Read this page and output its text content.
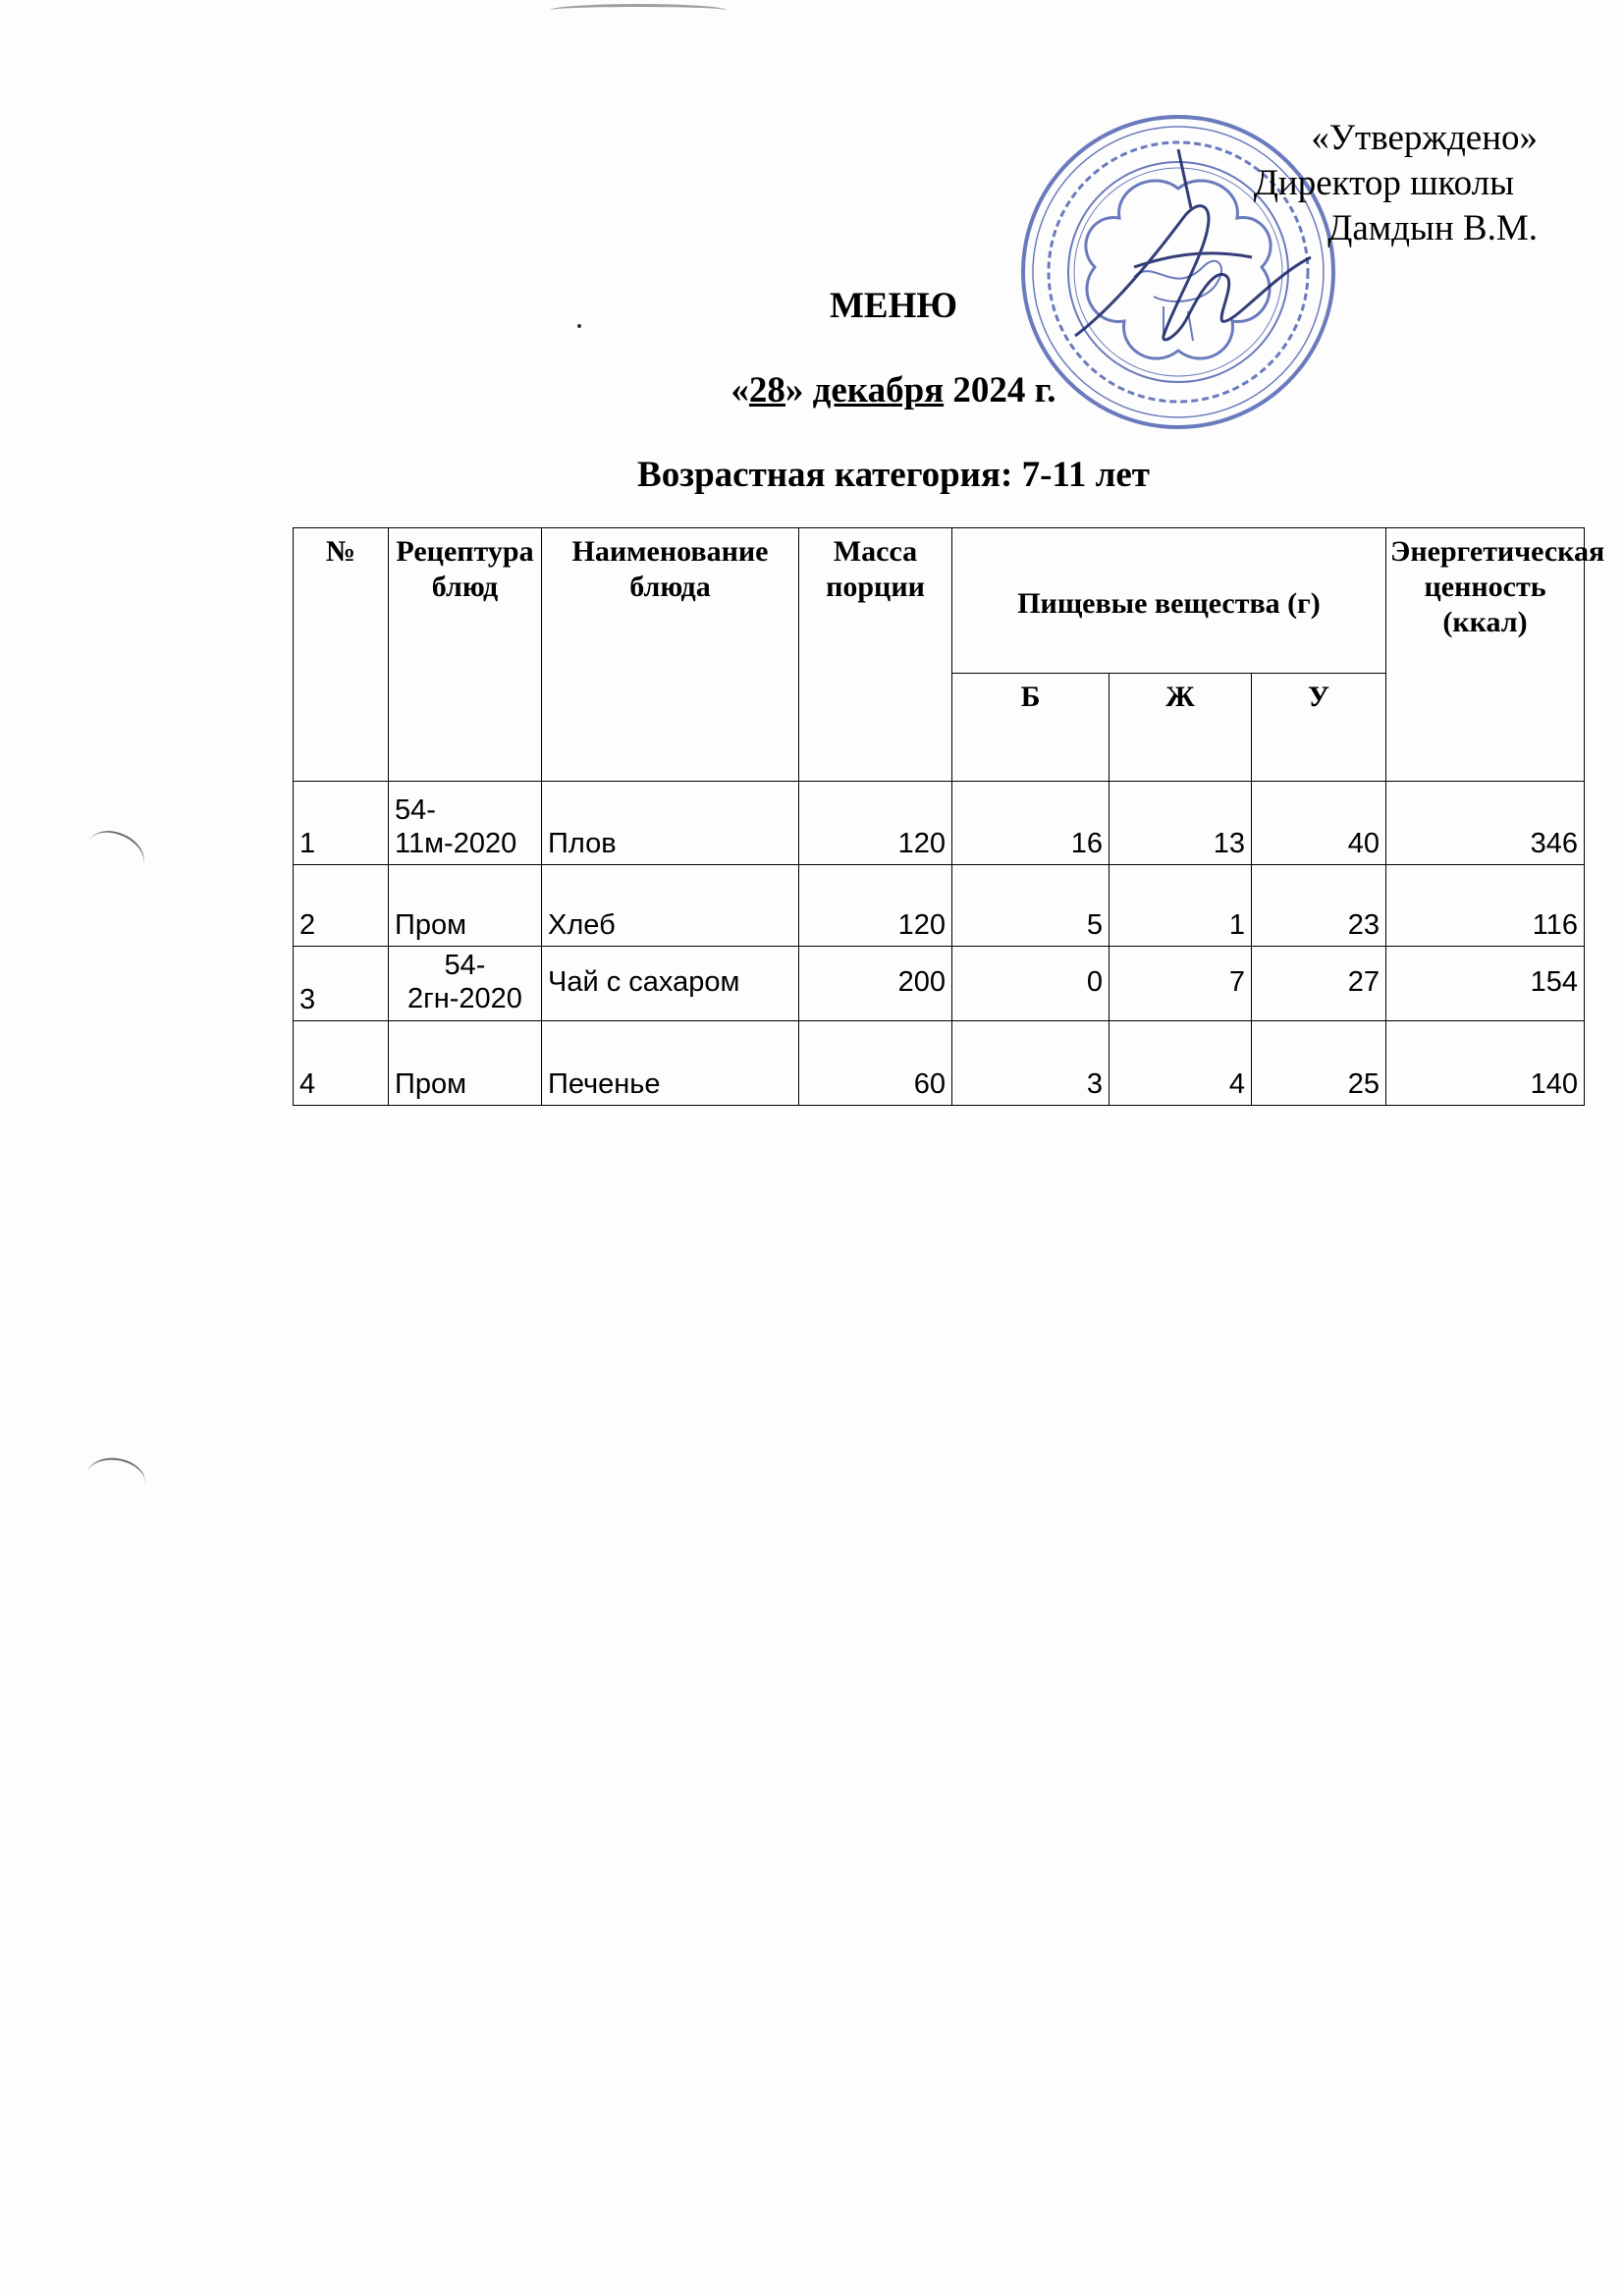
«Утверждено»
Директор школы
Дамдын В.М.
МЕНЮ
«28» декабря 2024 г.
Возрастная категория: 7-11 лет
№	Рецептура блюд	Наименование блюда	Масса порции	Пищевые вещества (г)			Энергетическая ценность (ккал)
				Б	Ж	У	
1	54-11м-2020	Плов	120	16	13	40	346
2	Пром	Хлеб	120	5	1	23	116
3	54-2гн-2020	Чай с сахаром	200	0	7	27	154
4	Пром	Печенье	60	3	4	25	140
